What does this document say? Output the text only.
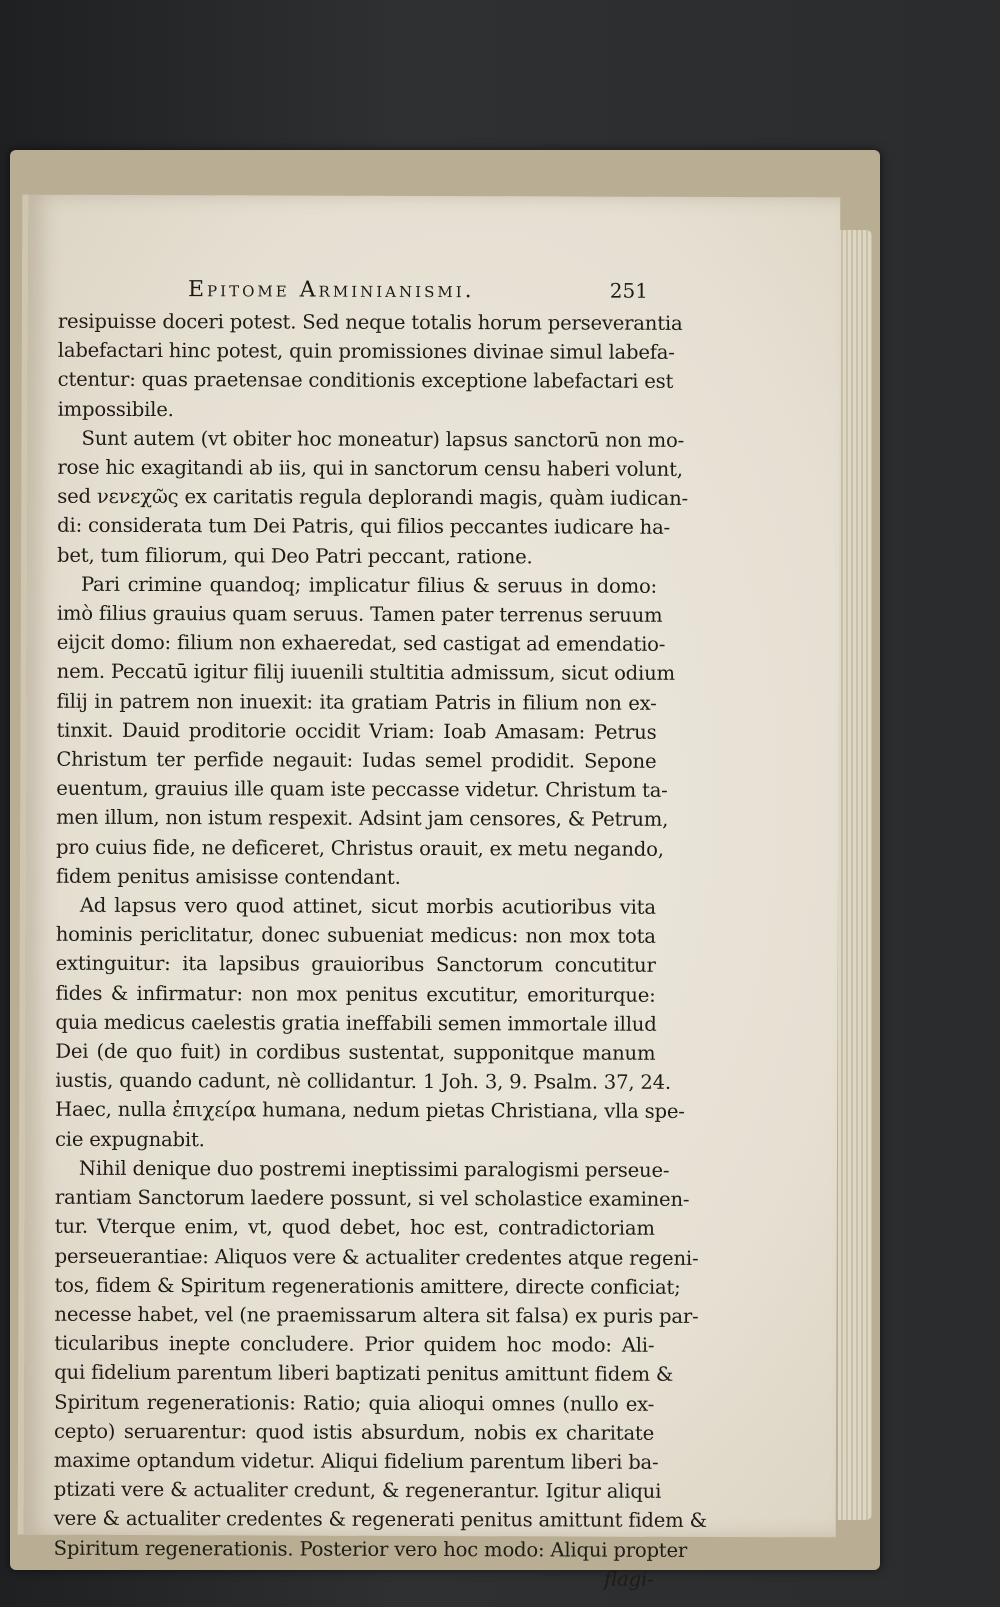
Epitome Arminianismi.	251
resipuisse doceri potest. Sed neque totalis horum perseverantia
labefactari hinc potest, quin promissiones divinae simul labefa-
ctentur: quas praetensae conditionis exceptione labefactari est
impossibile.
Sunt autem (vt obiter hoc moneatur) lapsus sanctorū non mo-
rose hic exagitandi ab iis, qui in sanctorum censu haberi volunt,
sed νενεχῶς ex caritatis regula deplorandi magis, quàm iudican-
di: considerata tum Dei Patris, qui filios peccantes iudicare ha-
bet, tum filiorum, qui Deo Patri peccant, ratione.
Pari crimine quandoq; implicatur filius & seruus in domo:
imò filius grauius quam seruus. Tamen pater terrenus seruum
eijcit domo: filium non exhaeredat, sed castigat ad emendatio-
nem. Peccatū igitur filij iuuenili stultitia admissum, sicut odium
filij in patrem non inuexit: ita gratiam Patris in filium non ex-
tinxit. Dauid proditorie occidit Vriam: Ioab Amasam: Petrus
Christum ter perfide negauit: Iudas semel prodidit. Sepone
euentum, grauius ille quam iste peccasse videtur. Christum ta-
men illum, non istum respexit. Adsint jam censores, & Petrum,
pro cuius fide, ne deficeret, Christus orauit, ex metu negando,
fidem penitus amisisse contendant.
Ad lapsus vero quod attinet, sicut morbis acutioribus vita
hominis periclitatur, donec subueniat medicus: non mox tota
extinguitur: ita lapsibus grauioribus Sanctorum concutitur
fides & infirmatur: non mox penitus excutitur, emoriturque:
quia medicus caelestis gratia ineffabili semen immortale illud
Dei (de quo fuit) in cordibus sustentat, supponitque manum
iustis, quando cadunt, nè collidantur. 1 Joh. 3, 9. Psalm. 37, 24.
Haec, nulla ἐπιχείρα humana, nedum pietas Christiana, vlla spe-
cie expugnabit.
Nihil denique duo postremi ineptissimi paralogismi perseue-
rantiam Sanctorum laedere possunt, si vel scholastice examinen-
tur. Vterque enim, vt, quod debet, hoc est, contradictoriam
perseuerantiae: Aliquos vere & actualiter credentes atque regeni-
tos, fidem & Spiritum regenerationis amittere, directe conficiat;
necesse habet, vel (ne praemissarum altera sit falsa) ex puris par-
ticularibus inepte concludere. Prior quidem hoc modo: Ali-
qui fidelium parentum liberi baptizati penitus amittunt fidem &
Spiritum regenerationis: Ratio; quia alioqui omnes (nullo ex-
cepto) seruarentur: quod istis absurdum, nobis ex charitate
maxime optandum videtur. Aliqui fidelium parentum liberi ba-
ptizati vere & actualiter credunt, & regenerantur. Igitur aliqui
vere & actualiter credentes & regenerati penitus amittunt fidem &
Spiritum regenerationis. Posterior vero hoc modo: Aliqui propter
flagi-
